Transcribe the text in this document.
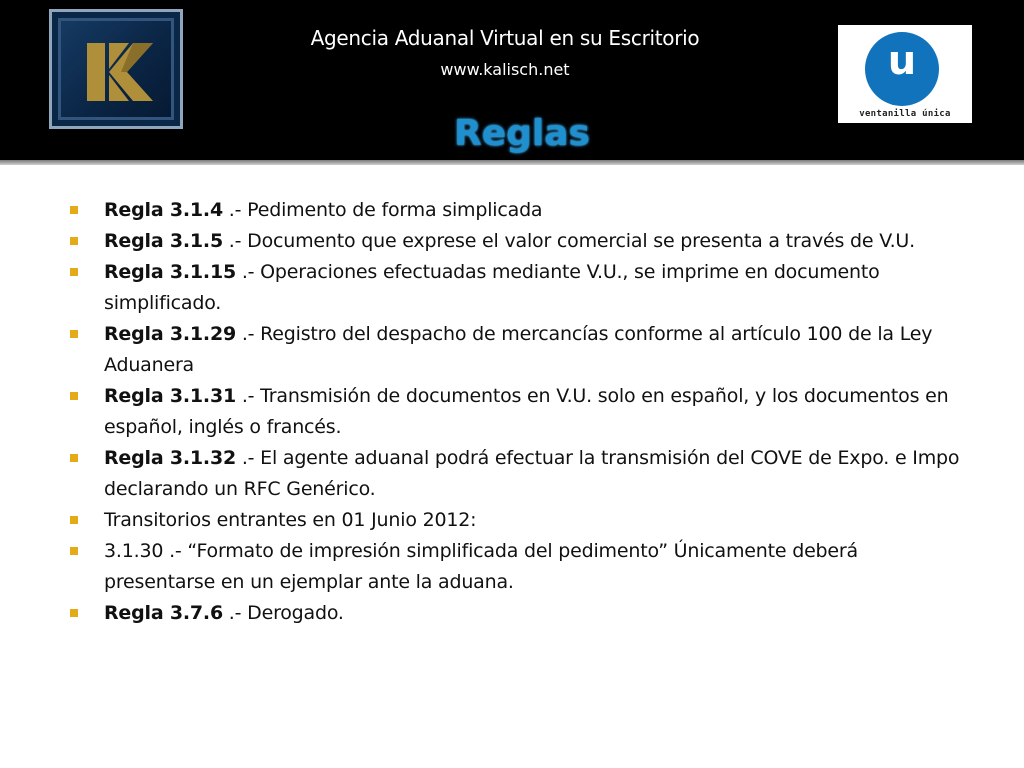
Agencia Aduanal Virtual en su Escritorio
www.kalisch.net
Reglas
u
ventanilla única
Regla 3.1.4 .- Pedimento de forma simplicada
Regla 3.1.5 .- Documento que exprese el valor comercial se presenta a través de V.U.
Regla 3.1.15 .- Operaciones efectuadas mediante V.U., se imprime en documento simplificado.
Regla 3.1.29 .- Registro del despacho de mercancías conforme al artículo 100 de la Ley Aduanera
Regla 3.1.31 .- Transmisión de documentos en V.U. solo en español, y los documentos en español, inglés o francés.
Regla 3.1.32 .- El agente aduanal podrá efectuar la transmisión del COVE de Expo. e Impo declarando un RFC Genérico.
Transitorios entrantes en 01 Junio 2012:
3.1.30 .- “Formato de impresión simplificada del pedimento” Únicamente deberá presentarse en un ejemplar ante la aduana.
Regla 3.7.6 .- Derogado.
